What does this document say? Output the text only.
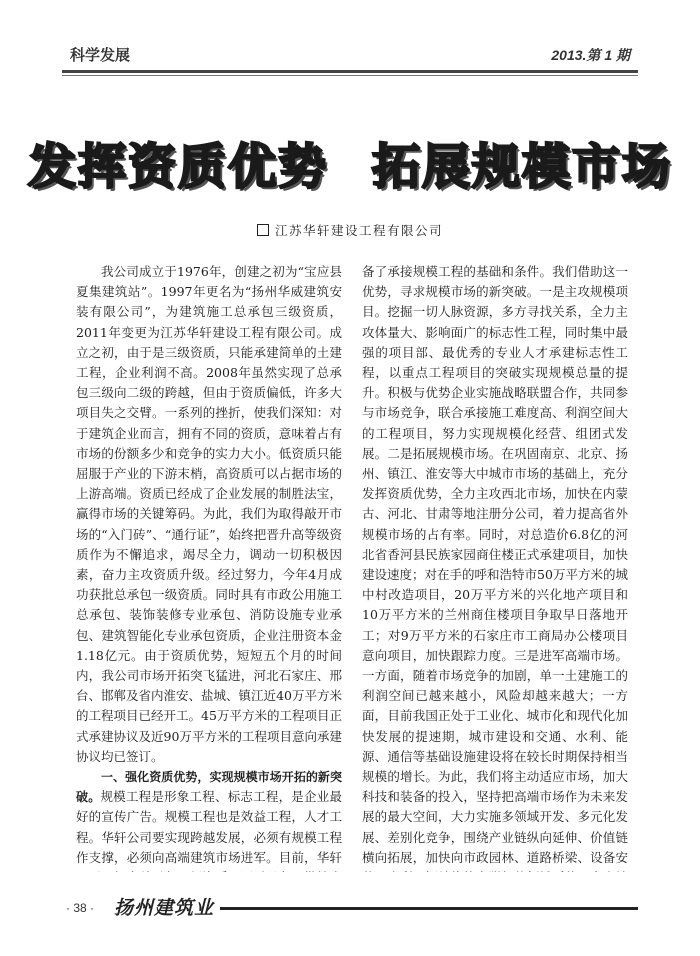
科学发展	2013.第 1 期
发挥资质优势 拓展规模市场
江苏华轩建设工程有限公司

我公司成立于1976年，创建之初为“宝应县夏集建筑站”。1997年更名为“扬州华威建筑安装有限公司”，为建筑施工总承包三级资质，2011年变更为江苏华轩建设工程有限公司。成立之初，由于是三级资质，只能承建简单的土建工程，企业利润不高。2008年虽然实现了总承包三级向二级的跨越，但由于资质偏低，许多大项目失之交臂。一系列的挫折，使我们深知：对于建筑企业而言，拥有不同的资质，意味着占有市场的份额多少和竞争的实力大小。低资质只能屈服于产业的下游末梢，高资质可以占据市场的上游高端。资质已经成了企业发展的制胜法宝，赢得市场的关键筹码。为此，我们为取得敲开市场的“入门砖”、“通行证”，始终把晋升高等级资质作为不懈追求，竭尽全力，调动一切积极因素，奋力主攻资质升级。经过努力，今年4月成功获批总承包一级资质。同时具有市政公用施工总承包、装饰装修专业承包、消防设施专业承包、建筑智能化专业承包资质，企业注册资本金1.18亿元。由于资质优势，短短五个月的时间内，我公司市场开拓突飞猛进，河北石家庄、邢台、邯郸及省内淮安、盐城、镇江近40万平方米的工程项目已经开工。45万平方米的工程项目正式承建协议及近90万平方米的工程项目意向承建协议均已签订。

一、强化资质优势，实现规模市场开拓的新突破。规模工程是形象工程、标志工程，是企业最好的宣传广告。规模工程也是效益工程，人才工程。华轩公司要实现跨越发展，必须有规模工程作支撑，必须向高端建筑市场进军。目前，华轩

备了承接规模工程的基础和条件。我们借助这一优势，寻求规模市场的新突破。一是主攻规模项目。挖掘一切人脉资源，多方寻找关系，全力主攻体量大、影响面广的标志性工程，同时集中最强的项目部、最优秀的专业人才承建标志性工程，以重点工程项目的突破实现规模总量的提升。积极与优势企业实施战略联盟合作，共同参与市场竞争，联合承接施工难度高、利润空间大的工程项目，努力实现规模化经营、组团式发展。二是拓展规模市场。在巩固南京、北京、扬州、镇江、淮安等大中城市市场的基础上，充分发挥资质优势，全力主攻西北市场，加快在内蒙古、河北、甘肃等地注册分公司，着力提高省外规模市场的占有率。同时，对总造价6.8亿的河北省香河县民族家园商住楼正式承建项目，加快建设速度；对在手的呼和浩特市50万平方米的城中村改造项目，20万平方米的兴化地产项目和10万平方米的兰州商住楼项目争取早日落地开工；对9万平方米的石家庄市工商局办公楼项目意向项目，加快跟踪力度。三是进军高端市场。一方面，随着市场竞争的加剧，单一土建施工的利润空间已越来越小，风险却越来越大；一方面，目前我国正处于工业化、城市化和现代化加快发展的提速期，城市建设和交通、水利、能源、通信等基础设施建设将在较长时期保持相当规模的增长。为此，我们将主动适应市场，加大科技和装备的投入，坚持把高端市场作为未来发展的最大空间，大力实施多领域开发、多元化发展、差别化竞争，围绕产业链纵向延伸、价值链横向拓展，加快向市政园林、道路桥梁、设备安

· 38 · 扬州建筑业
